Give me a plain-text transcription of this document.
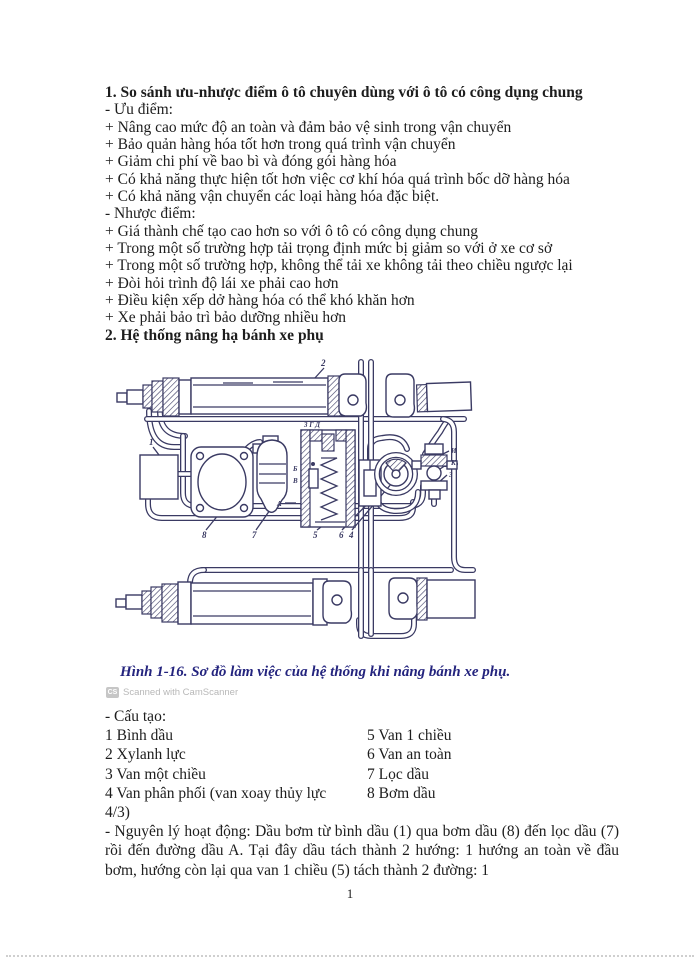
1. So sánh ưu-nhược điểm ô tô chuyên dùng với ô tô có công dụng chung
- Ưu điểm:
+ Nâng cao mức độ an toàn và đảm bảo vệ sinh trong vận chuyển
+ Bảo quản hàng hóa tốt hơn trong quá trình vận chuyển
+ Giảm chi phí về bao bì và đóng gói hàng hóa
+ Có khả năng thực hiện tốt hơn việc cơ khí hóa quá trình bốc dỡ hàng hóa
+ Có khả năng vận chuyển các loại hàng hóa đặc biệt.
- Nhược điểm:
+ Giá thành chế tạo cao hơn so với ô tô có công dụng chung
+ Trong một số trường hợp tải trọng định mức bị giảm so với ở xe cơ sở
+ Trong một số trường hợp, không thể tải xe không tải theo chiều ngược lại
+ Đòi hỏi trình độ lái xe phải cao hơn
+ Điều kiện xếp dở hàng hóa có thể khó khăn hơn
+ Xe phải bảo trì bảo dưỡng nhiều hơn
2. Hệ thống nâng hạ bánh xe phụ
1
2
8	7	5 6 4
3 Г Д
И
К
3
А
Б
В
Hình 1-16. Sơ đồ làm việc của hệ thống khi nâng bánh xe phụ.
CS Scanned with CamScanner
- Cấu tạo:
1 Bình dầu	5 Van 1 chiều
2 Xylanh lực	6 Van an toàn
3 Van một chiều	7 Lọc dầu
4 Van phân phối (van xoay thủy lực	8 Bơm dầu
4/3)

- Nguyên lý hoạt động: Dầu bơm từ bình dầu (1) qua bơm dầu (8) đến lọc dầu (7) rồi đến đường dầu A. Tại đây dầu tách thành 2 hướng: 1 hướng an toàn về đầu bơm, hướng còn lại qua van 1 chiều (5) tách thành 2 đường: 1

1
